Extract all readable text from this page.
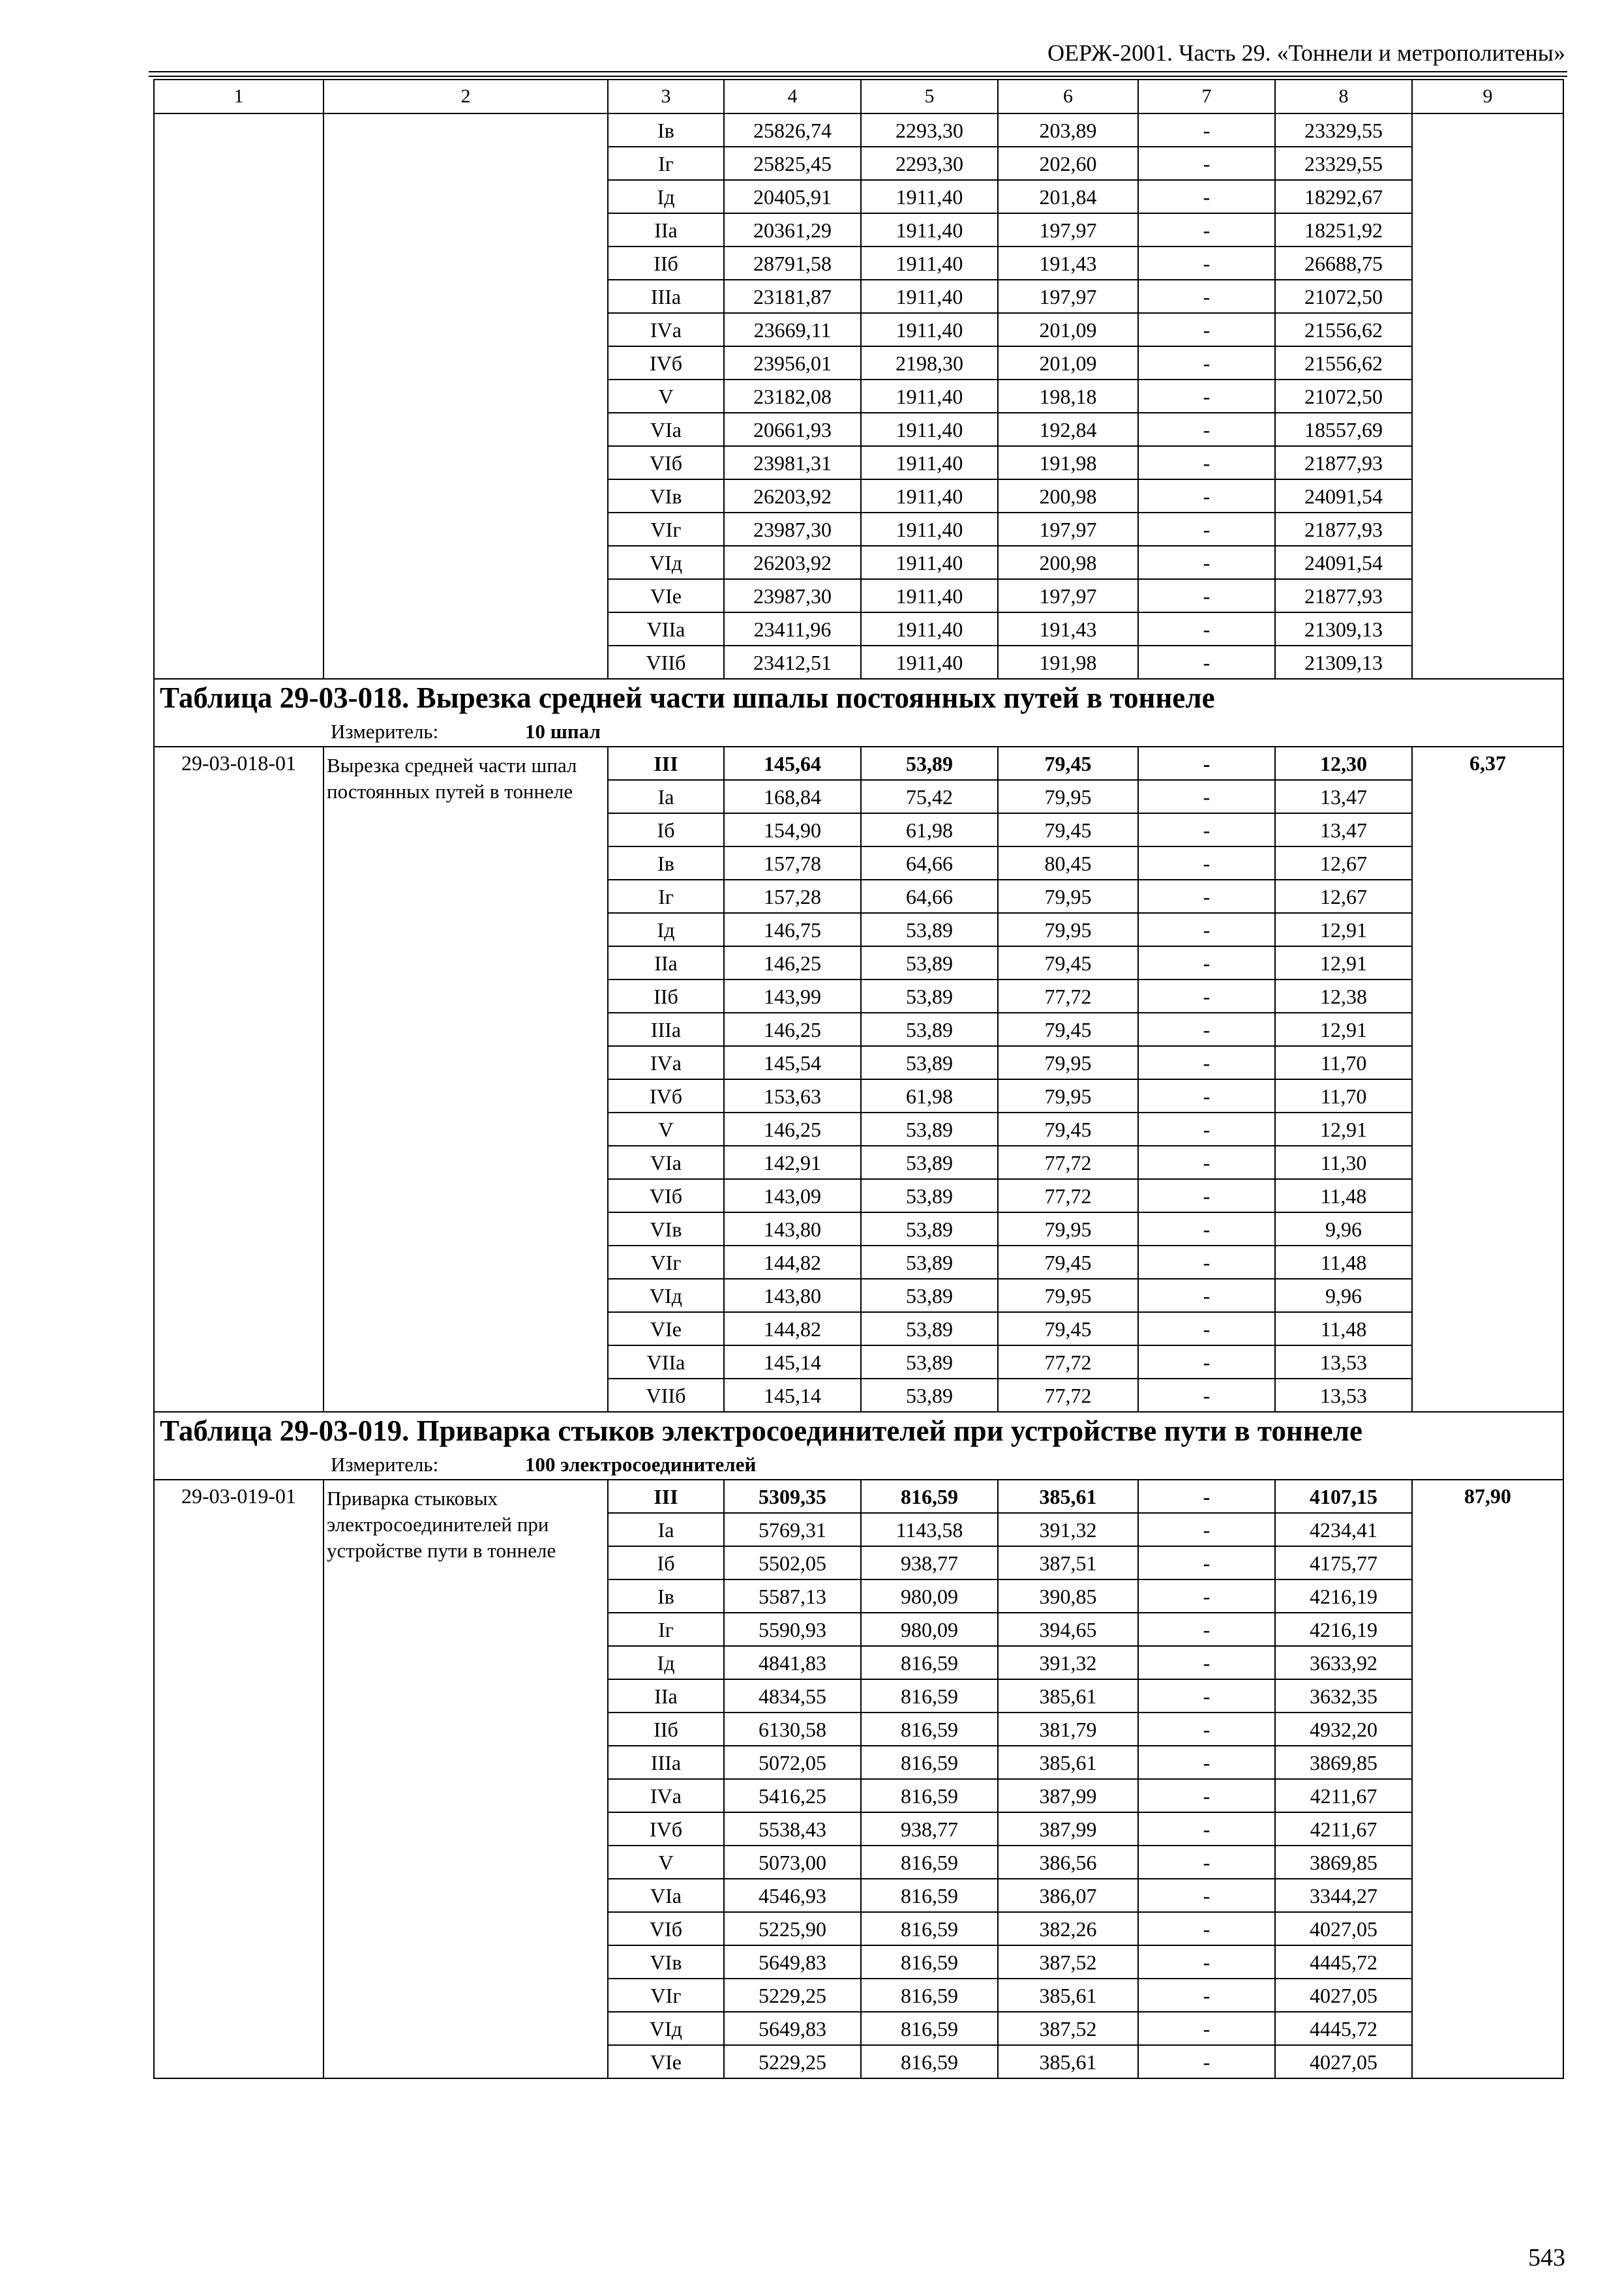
ОЕРЖ-2001. Часть 29. «Тоннели и метрополитены»
1	2	3	4	5	6	7	8	9
		Iв	25826,74	2293,30	203,89	-	23329,55	
		Iг	25825,45	2293,30	202,60	-	23329,55	
		Iд	20405,91	1911,40	201,84	-	18292,67	
		IIа	20361,29	1911,40	197,97	-	18251,92	
		IIб	28791,58	1911,40	191,43	-	26688,75	
		IIIа	23181,87	1911,40	197,97	-	21072,50	
		IVа	23669,11	1911,40	201,09	-	21556,62	
		IVб	23956,01	2198,30	201,09	-	21556,62	
		V	23182,08	1911,40	198,18	-	21072,50	
		VIа	20661,93	1911,40	192,84	-	18557,69	
		VIб	23981,31	1911,40	191,98	-	21877,93	
		VIв	26203,92	1911,40	200,98	-	24091,54	
		VIг	23987,30	1911,40	197,97	-	21877,93	
		VIд	26203,92	1911,40	200,98	-	24091,54	
		VIе	23987,30	1911,40	197,97	-	21877,93	
		VIIа	23411,96	1911,40	191,43	-	21309,13	
		VIIб	23412,51	1911,40	191,98	-	21309,13	
Таблица 29-03-018. Вырезка средней части шпалы постоянных путей в тоннеле								
Измеритель: 10 шпал								
29-03-018-01	Вырезка средней части шпал постоянных путей в тоннеле	III	145,64	53,89	79,45	-	12,30	6,37
		Iа	168,84	75,42	79,95	-	13,47	
		Iб	154,90	61,98	79,45	-	13,47	
		Iв	157,78	64,66	80,45	-	12,67	
		Iг	157,28	64,66	79,95	-	12,67	
		Iд	146,75	53,89	79,95	-	12,91	
		IIа	146,25	53,89	79,45	-	12,91	
		IIб	143,99	53,89	77,72	-	12,38	
		IIIа	146,25	53,89	79,45	-	12,91	
		IVа	145,54	53,89	79,95	-	11,70	
		IVб	153,63	61,98	79,95	-	11,70	
		V	146,25	53,89	79,45	-	12,91	
		VIа	142,91	53,89	77,72	-	11,30	
		VIб	143,09	53,89	77,72	-	11,48	
		VIв	143,80	53,89	79,95	-	9,96	
		VIг	144,82	53,89	79,45	-	11,48	
		VIд	143,80	53,89	79,95	-	9,96	
		VIе	144,82	53,89	79,45	-	11,48	
		VIIа	145,14	53,89	77,72	-	13,53	
		VIIб	145,14	53,89	77,72	-	13,53	
Таблица 29-03-019. Приварка стыков электросоединителей при устройстве пути в тоннеле								
Измеритель: 100 электросоединителей								
29-03-019-01	Приварка стыковых электросоединителей при устройстве пути в тоннеле	III	5309,35	816,59	385,61	-	4107,15	87,90
		Iа	5769,31	1143,58	391,32	-	4234,41	
		Iб	5502,05	938,77	387,51	-	4175,77	
		Iв	5587,13	980,09	390,85	-	4216,19	
		Iг	5590,93	980,09	394,65	-	4216,19	
		Iд	4841,83	816,59	391,32	-	3633,92	
		IIа	4834,55	816,59	385,61	-	3632,35	
		IIб	6130,58	816,59	381,79	-	4932,20	
		IIIа	5072,05	816,59	385,61	-	3869,85	
		IVа	5416,25	816,59	387,99	-	4211,67	
		IVб	5538,43	938,77	387,99	-	4211,67	
		V	5073,00	816,59	386,56	-	3869,85	
		VIа	4546,93	816,59	386,07	-	3344,27	
		VIб	5225,90	816,59	382,26	-	4027,05	
		VIв	5649,83	816,59	387,52	-	4445,72	
		VIг	5229,25	816,59	385,61	-	4027,05	
		VIд	5649,83	816,59	387,52	-	4445,72	
		VIе	5229,25	816,59	385,61	-	4027,05	
543
